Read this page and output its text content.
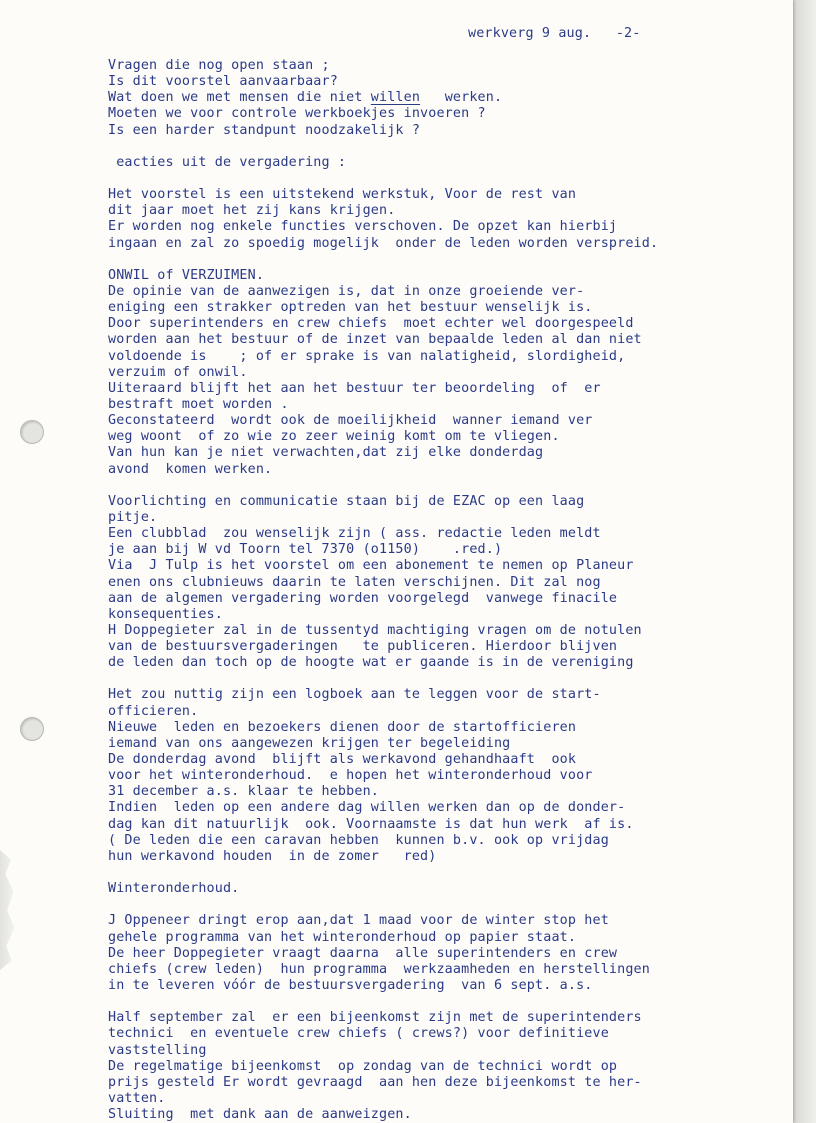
werkverg 9 aug.   -2-
Vragen die nog open staan ;
Is dit voorstel aanvaarbaar?
Wat doen we met mensen die niet willen   werken.
Moeten we voor controle werkboekjes invoeren ?
Is een harder standpunt noodzakelijk ?
eacties uit de vergadering :
Het voorstel is een uitstekend werkstuk, Voor de rest van
dit jaar moet het zij kans krijgen.
Er worden nog enkele functies verschoven. De opzet kan hierbij
ingaan en zal zo spoedig mogelijk  onder de leden worden verspreid.
ONWIL of VERZUIMEN.
De opinie van de aanwezigen is, dat in onze groeiende ver-
eniging een strakker optreden van het bestuur wenselijk is.
Door superintenders en crew chiefs  moet echter wel doorgespeeld
worden aan het bestuur of de inzet van bepaalde leden al dan niet
voldoende is    ; of er sprake is van nalatigheid, slordigheid,
verzuim of onwil.
Uiteraard blijft het aan het bestuur ter beoordeling  of  er
bestraft moet worden .
Geconstateerd  wordt ook de moeilijkheid  wanner iemand ver
weg woont  of zo wie zo zeer weinig komt om te vliegen.
Van hun kan je niet verwachten,dat zij elke donderdag
avond  komen werken.
Voorlichting en communicatie staan bij de EZAC op een laag
pitje.
Een clubblad  zou wenselijk zijn ( ass. redactie leden meldt
je aan bij W vd Toorn tel 7370 (o1150)    .red.)
Via  J Tulp is het voorstel om een abonement te nemen op Planeur
enen ons clubnieuws daarin te laten verschijnen. Dit zal nog
aan de algemen vergadering worden voorgelegd  vanwege finacile
konsequenties.
H Doppegieter zal in de tussentyd machtiging vragen om de notulen
van de bestuursvergaderingen   te publiceren. Hierdoor blijven
de leden dan toch op de hoogte wat er gaande is in de vereniging
Het zou nuttig zijn een logboek aan te leggen voor de start-
officieren.
Nieuwe  leden en bezoekers dienen door de startofficieren
iemand van ons aangewezen krijgen ter begeleiding
De donderdag avond  blijft als werkavond gehandhaaft  ook
voor het winteronderhoud.  e hopen het winteronderhoud voor
31 december a.s. klaar te hebben.
Indien  leden op een andere dag willen werken dan op de donder-
dag kan dit natuurlijk  ook. Voornaamste is dat hun werk  af is.
( De leden die een caravan hebben  kunnen b.v. ook op vrijdag
hun werkavond houden  in de zomer   red)
Winteronderhoud.
J Oppeneer dringt erop aan,dat 1 maad voor de winter stop het
gehele programma van het winteronderhoud op papier staat.
De heer Doppegieter vraagt daarna  alle superintenders en crew
chiefs (crew leden)  hun programma  werkzaamheden en herstellingen
in te leveren vóór de bestuursvergadering  van 6 sept. a.s.
Half september zal  er een bijeenkomst zijn met de superintenders
technici  en eventuele crew chiefs ( crews?) voor definitieve
vaststelling
De regelmatige bijeenkomst  op zondag van de technici wordt op
prijs gesteld Er wordt gevraagd  aan hen deze bijeenkomst te her-
vatten.
Sluiting  met dank aan de aanweizgen.
